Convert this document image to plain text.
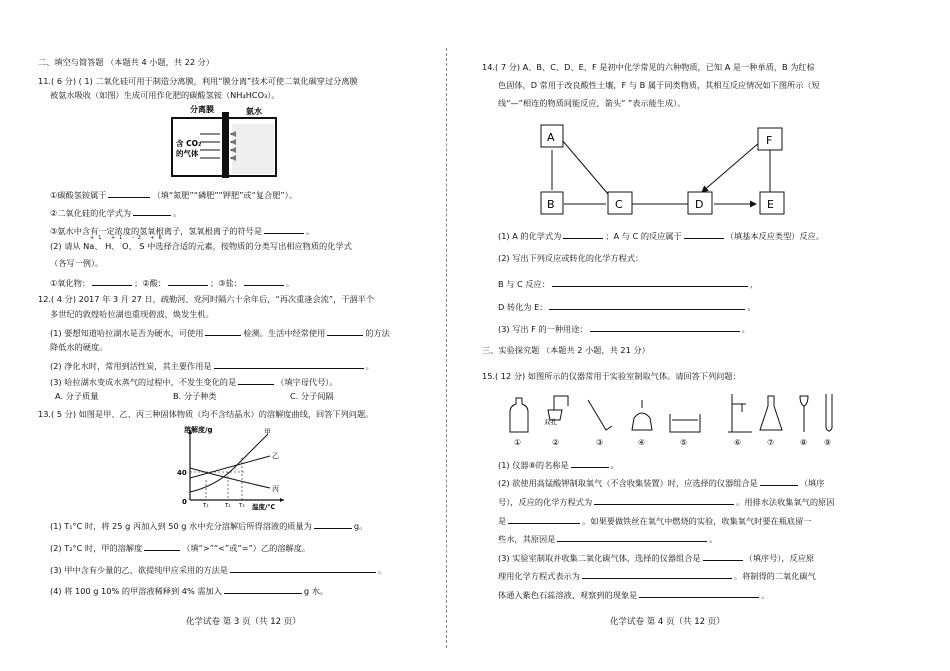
二、填空与简答题 （本题共 4 小题，共 22 分）
11.( 6 分) ( 1) 二氧化硅可用于制造分离膜，利用“膜分离”技术可使二氧化碳穿过分离膜
被氨水吸收（如图）生成可用作化肥的碳酸氢铵（NH₄HCO₃）。
分离膜	氨水
含 CO₂
的气体
①碳酸氢铵属于	（填“氮肥”“磷肥”“钾肥”或“复合肥”）。
②二氧化硅的化学式为	。
③氨水中含有一定浓度的氢氧根离子，氢氧根离子的符号是	。
+1 +1 -2 +6
(2) 请从 Na、 H、 O、 S 中选择合适的元素，按物质的分类写出相应物质的化学式
（各写一例）。
①氧化物：	；②酸：	；③盐：	。
12.( 4 分) 2017 年 3 月 27 日，疏勒河、党河时隔六十余年后，“再次重逢会流”，干涸半个
多世纪的敦煌哈拉湖也重现碧波，焕发生机。
(1) 要想知道哈拉湖水是否为硬水，可使用	检测。生活中经常使用	的方法
降低水的硬度。
(2) 净化水时，常用到活性炭，其主要作用是	。
(3) 哈拉湖水变成水蒸气的过程中，不发生变化的是	（填字母代号）。
A. 分子质量	B. 分子种类	C. 分子间隔
13.( 5 分) 如图是甲、乙、丙三种固体物质（均不含结晶水）的溶解度曲线，回答下列问题。
溶解度/g
温度/℃
40
0	T₁	T₂ T₃
甲
乙
丙
(1) T₁°C 时，将 25 g 丙加入到 50 g 水中充分溶解后所得溶液的质量为	g。
(2) T₂°C 时，甲的溶解度	（填“>”“<”或“=”）乙的溶解度。
(3) 甲中含有少量的乙，欲提纯甲应采用的方法是	。
(4) 将 100 g 10% 的甲溶液稀释到 4% 需加入	g 水。
化学试卷 第 3 页（共 12 页）
14.( 7 分) A、B、C、D、E、F 是初中化学常见的六种物质，已知 A 是一种单质，B 为红棕
色固体，D 常用于改良酸性土壤，F 与 B 属于同类物质，其相互反应情况如下图所示（短
线“—”相连的物质间能反应，箭头“ ”表示能生成）。
A
B	C	D	E
F
(1) A 的化学式为	；A 与 C 的反应属于	（填基本反应类型）反应。
(2) 写出下列反应或转化的化学方程式：
B 与 C 反应：	，
D 转化为 E：	。
(3) 写出 F 的一种用途：	。
三、实验探究题 （本题共 2 小题，共 21 分）
15.( 12 分) 如图所示的仪器常用于实验室制取气体。请回答下列问题：
双孔
①	②	③	④	⑤	⑥	⑦	⑧ ⑨
(1) 仪器⑧的名称是	。
(2) 欲使用高锰酸钾制取氧气（不含收集装置）时，应选择的仪器组合是	（填序
号），反应的化学方程式为	。用排水法收集氧气的原因
是	。如果要做铁丝在氧气中燃烧的实验，收集氧气时要在瓶底留一
些水，其原因是	。
(3) 实验室制取并收集二氧化碳气体，选择的仪器组合是	（填序号），反应原
理用化学方程式表示为	。将制得的二氧化碳气
体通入紫色石蕊溶液，观察到的现象是	。
化学试卷 第 4 页（共 12 页）
